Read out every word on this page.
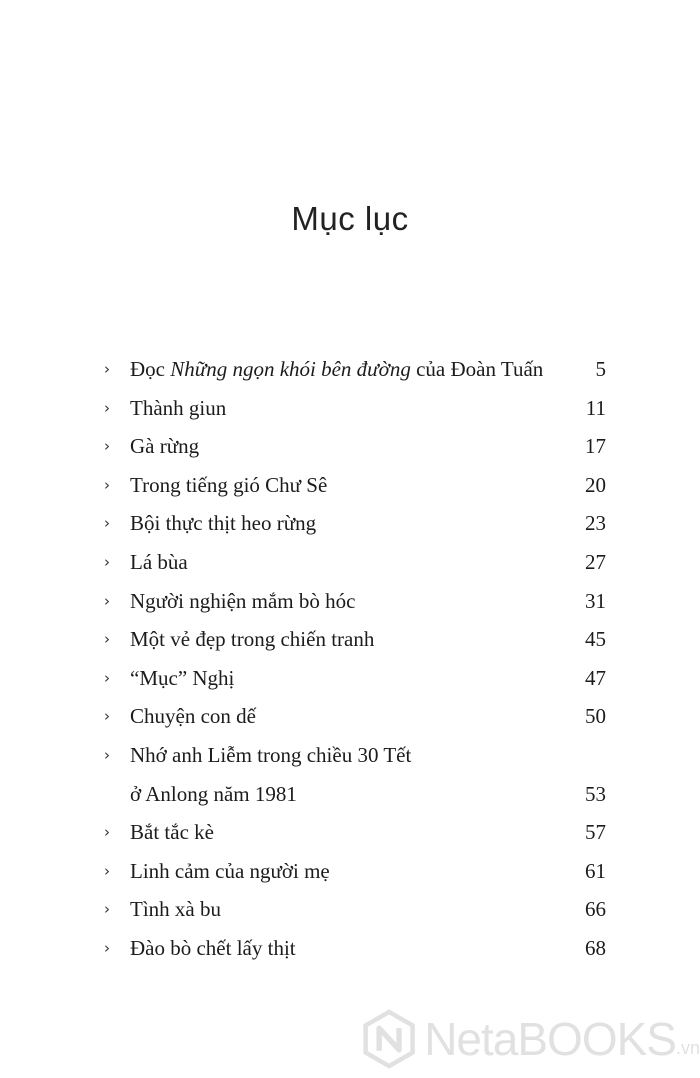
Mục lục
› Đọc Những ngọn khói bên đường của Đoàn Tuấn 5
› Thành giun	11
› Gà rừng	17
› Trong tiếng gió Chư Sê	20
› Bội thực thịt heo rừng	23
› Lá bùa	27
› Người nghiện mắm bò hóc	31
› Một vẻ đẹp trong chiến tranh	45
› “Mục” Nghị	47
› Chuyện con dế	50
› Nhớ anh Liễm trong chiều 30 Tết
ở Anlong năm 1981	53
› Bắt tắc kè	57
› Linh cảm của người mẹ	61
› Tình xà bu	66
› Đào bò chết lấy thịt	68
NetaBOOKS .vn
